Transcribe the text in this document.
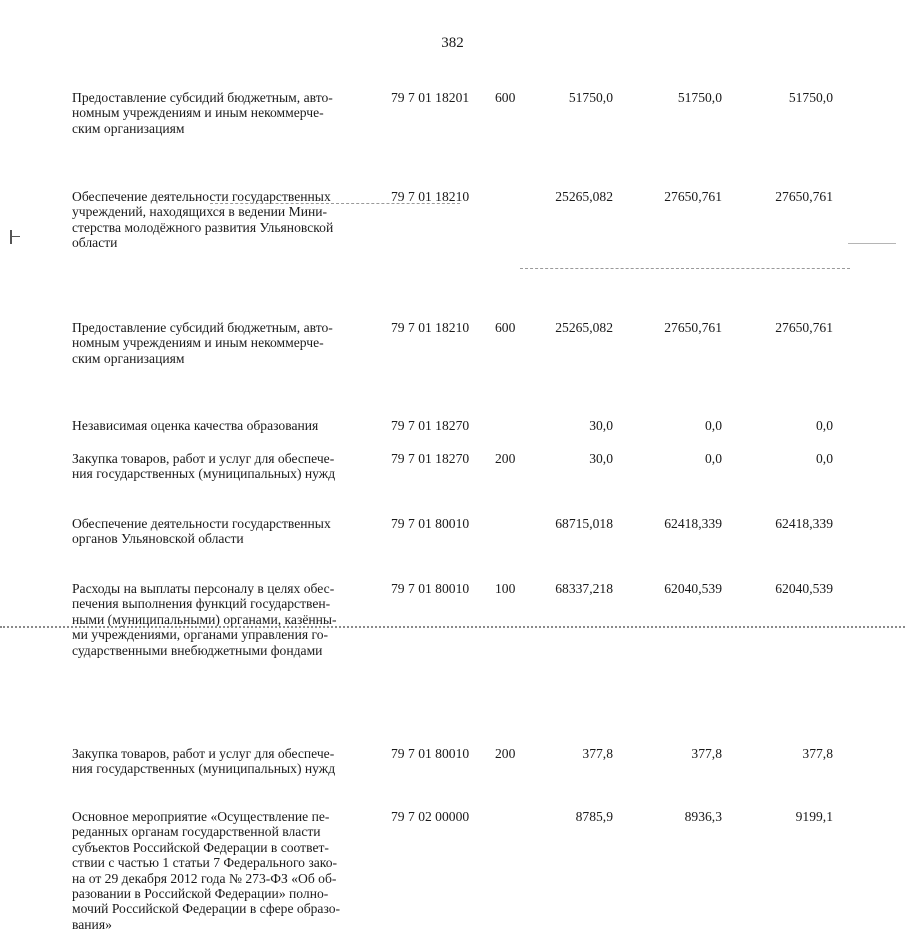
382
Предоставление субсидий бюджетным, авто-
номным учреждениям и иным некоммерче-
ским организациям
79 7 01 18201 600	51750,0	51750,0	51750,0
Обеспечение деятельности государственных
учреждений, находящихся в ведении Мини-
стерства молодёжного развития Ульяновской
области
79 7 01 18210	25265,082	27650,761	27650,761
Предоставление субсидий бюджетным, авто-
номным учреждениям и иным некоммерче-
ским организациям
79 7 01 18210 600	25265,082	27650,761	27650,761
Независимая оценка качества образования	79 7 01 18270	30,0	0,0	0,0
Закупка товаров, работ и услуг для обеспече-
ния государственных (муниципальных) нужд
79 7 01 18270 200	30,0	0,0	0,0
Обеспечение деятельности государственных
органов Ульяновской области
79 7 01 80010	68715,018	62418,339	62418,339
Расходы на выплаты персоналу в целях обес-
печения выполнения функций государствен-
ными (муниципальными) органами, казённы-
ми учреждениями, органами управления го-
сударственными внебюджетными фондами
79 7 01 80010 100	68337,218	62040,539	62040,539
Закупка товаров, работ и услуг для обеспече-
ния государственных (муниципальных) нужд
79 7 01 80010 200	377,8	377,8	377,8
Основное мероприятие «Осуществление пе-
реданных органам государственной власти
субъектов Российской Федерации в соответ-
ствии с частью 1 статьи 7 Федерального зако-
на от 29 декабря 2012 года № 273-ФЗ «Об об-
разовании в Российской Федерации» полно-
мочий Российской Федерации в сфере образо-
вания»
79 7 02 00000	8785,9	8936,3	9199,1
